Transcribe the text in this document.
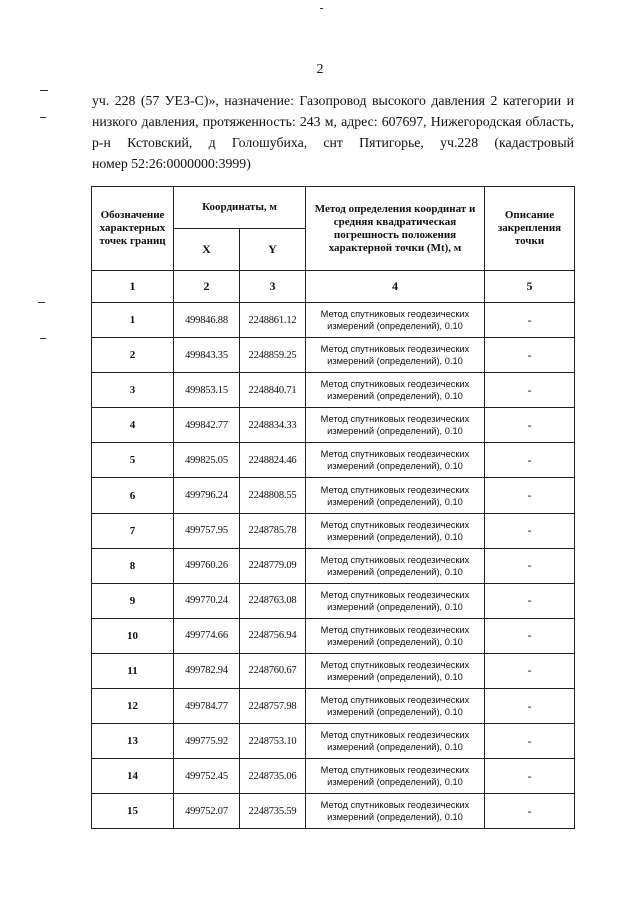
2
уч. 228 (57 УЕЗ-С)», назначение: Газопровод высокого давления 2 категории и низкого давления, протяженность: 243 м, адрес: 607697, Нижегородская область, р-н Кстовский, д Голошубиха, снт Пятигорье, уч.228 (кадастровый
номер 52:26:0000000:3999)
Обозначение характерных точек границ	Координаты, м		Метод определения координат и средняя квадратическая погрешность положения характерной точки (Mt), м	Описание закрепления точки
	X	Y		
1	2	3	4	5
1	499846.88	2248861.12	Метод спутниковых геодезических измерений (определений), 0.10	-
2	499843.35	2248859.25	Метод спутниковых геодезических измерений (определений), 0.10	-
3	499853.15	2248840.71	Метод спутниковых геодезических измерений (определений), 0.10	-
4	499842.77	2248834.33	Метод спутниковых геодезических измерений (определений), 0.10	-
5	499825.05	2248824.46	Метод спутниковых геодезических измерений (определений), 0.10	-
6	499796.24	2248808.55	Метод спутниковых геодезических измерений (определений), 0.10	-
7	499757.95	2248785.78	Метод спутниковых геодезических измерений (определений), 0.10	-
8	499760.26	2248779.09	Метод спутниковых геодезических измерений (определений), 0.10	-
9	499770.24	2248763.08	Метод спутниковых геодезических измерений (определений), 0.10	-
10	499774.66	2248756.94	Метод спутниковых геодезических измерений (определений), 0.10	-
11	499782.94	2248760.67	Метод спутниковых геодезических измерений (определений), 0.10	-
12	499784.77	2248757.98	Метод спутниковых геодезических измерений (определений), 0.10	-
13	499775.92	2248753.10	Метод спутниковых геодезических измерений (определений), 0.10	-
14	499752.45	2248735.06	Метод спутниковых геодезических измерений (определений), 0.10	-
15	499752.07	2248735.59	Метод спутниковых геодезических измерений (определений), 0.10	-
